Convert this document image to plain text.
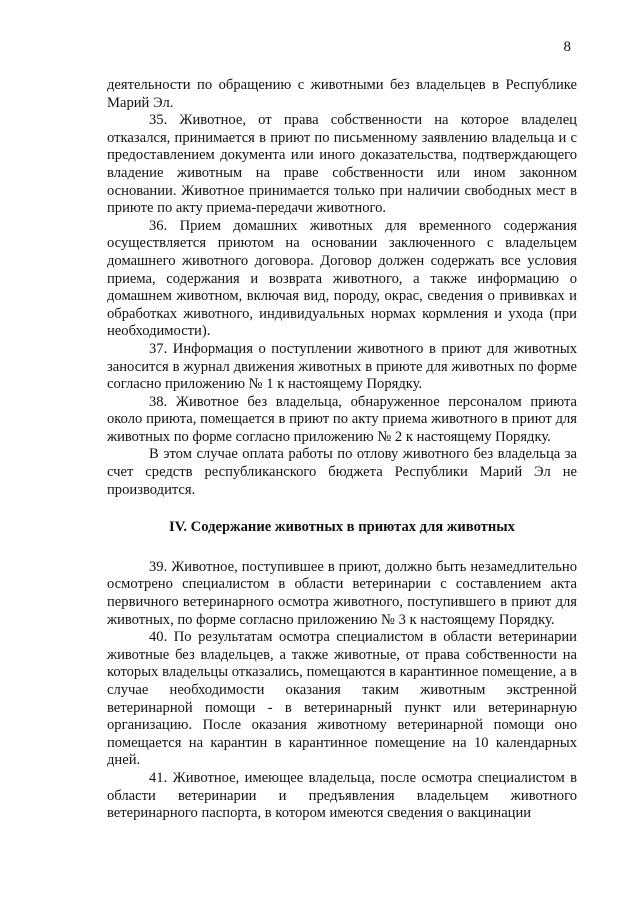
8

деятельности по обращению с животными без владельцев в Республике Марий Эл.

35. Животное, от права собственности на которое владелец отказался, принимается в приют по письменному заявлению владельца и с предоставлением документа или иного доказательства, подтверждающего владение животным на праве собственности или ином законном основании. Животное принимается только при наличии свободных мест в приюте по акту приема-передачи животного.

36. Прием домашних животных для временного содержания осуществляется приютом на основании заключенного с владельцем домашнего животного договора. Договор должен содержать все условия приема, содержания и возврата животного, а также информацию о домашнем животном, включая вид, породу, окрас, сведения о прививках и обработках животного, индивидуальных нормах кормления и ухода (при необходимости).

37. Информация о поступлении животного в приют для животных заносится в журнал движения животных в приюте для животных по форме согласно приложению № 1 к настоящему Порядку.

38. Животное без владельца, обнаруженное персоналом приюта около приюта, помещается в приют по акту приема животного в приют для животных по форме согласно приложению № 2 к настоящему Порядку.

В этом случае оплата работы по отлову животного без владельца за счет средств республиканского бюджета Республики Марий Эл не производится.

IV. Содержание животных в приютах для животных

39. Животное, поступившее в приют, должно быть незамедлительно осмотрено специалистом в области ветеринарии с составлением акта первичного ветеринарного осмотра животного, поступившего в приют для животных, по форме согласно приложению № 3 к настоящему Порядку.

40. По результатам осмотра специалистом в области ветеринарии животные без владельцев, а также животные, от права собственности на которых владельцы отказались, помещаются в карантинное помещение, а в случае необходимости оказания таким животным экстренной ветеринарной помощи - в ветеринарный пункт или ветеринарную организацию. После оказания животному ветеринарной помощи оно помещается на карантин в карантинное помещение на 10 календарных дней.

41. Животное, имеющее владельца, после осмотра специалистом в области ветеринарии и предъявления владельцем животного ветеринарного паспорта, в котором имеются сведения о вакцинации
